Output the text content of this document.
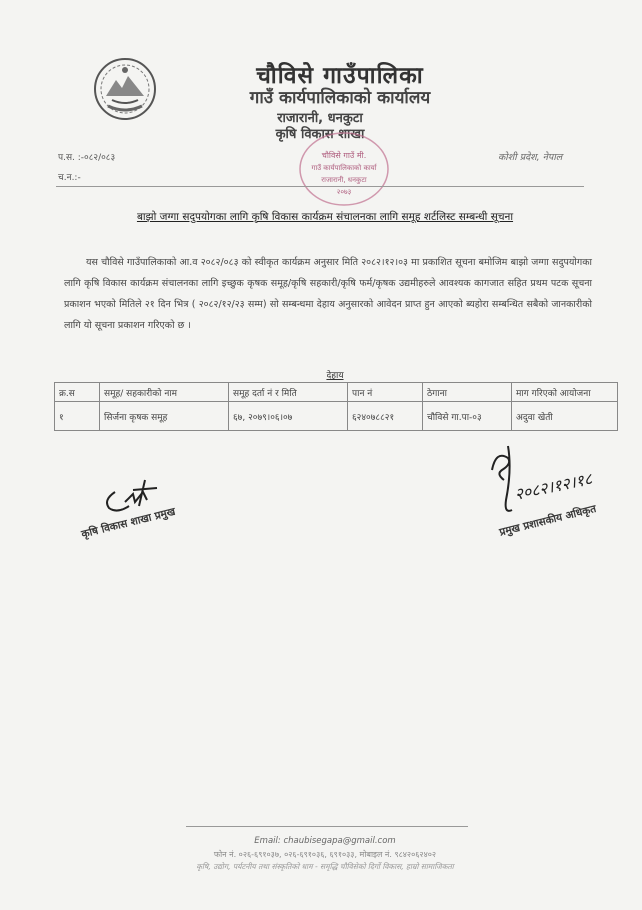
चौविसे गाउँपालिका
गाउँ कार्यपालिकाको कार्यालय
राजारानी, धनकुटा
कृषि विकास शाखा
चौविसे गाउँ मी.
गाउँ कार्यपालिकाको कार्या
राजारानी, धनकुटा
२०७३
प.स. :-०८२/०८३
च.न.:-
कोशी प्रदेश, नेपाल
बाझो जग्गा सदुपयोगका लागि कृषि विकास कार्यक्रम संचालनका लागि समूह शर्टलिस्ट सम्बन्धी सूचना
यस चौविसे गाउँपालिकाको आ.व २०८२/०८३ को स्वीकृत कार्यक्रम अनुसार मिति २०८२।१२।०३ मा प्रकाशित सूचना बमोजिम बाझो जग्गा सदुपयोगका लागि कृषि विकास कार्यक्रम संचालनका लागि इच्छुक कृषक समूह/कृषि सहकारी/कृषि फर्म/कृषक उद्यमीहरुले आवश्यक कागजात सहित प्रथम पटक सूचना प्रकाशन भएको मितिले २१ दिन भित्र ( २०८२/१२/२३ सम्म) सो सम्बन्धमा देहाय अनुसारको आवेदन प्राप्त हुन आएको ब्यहोरा सम्बन्धित सबैको जानकारीको लागि यो सूचना प्रकाशन गरिएको छ ।
देहाय
क्र.स	समूह/ सहकारीको नाम	समूह दर्ता नं र मिति	पान नं	ठेगाना	माग गरिएको आयोजना
१	सिर्जना कृषक समूह	६७, २०७९।०६।०७	६२४०७८८२१	चौविसे गा.पा-०३	अदुवा खेती
२०८२।१२।१८
कृषि विकास शाखा प्रमुख	प्रमुख प्रशासकीय अधिकृत
Email: chaubisegapa@gmail.com
फोन नं. ०२६-६९१०३७, ०२६-६९१०३६, ६९१०३३, मोबाइल नं. ९८४२०६२४०२
कृषि, उद्योग, पर्यटनीय तथा संस्कृतिको धाम - समृद्धि चौविसेको दिर्गो विकास, हाम्रो सामाजिकता
